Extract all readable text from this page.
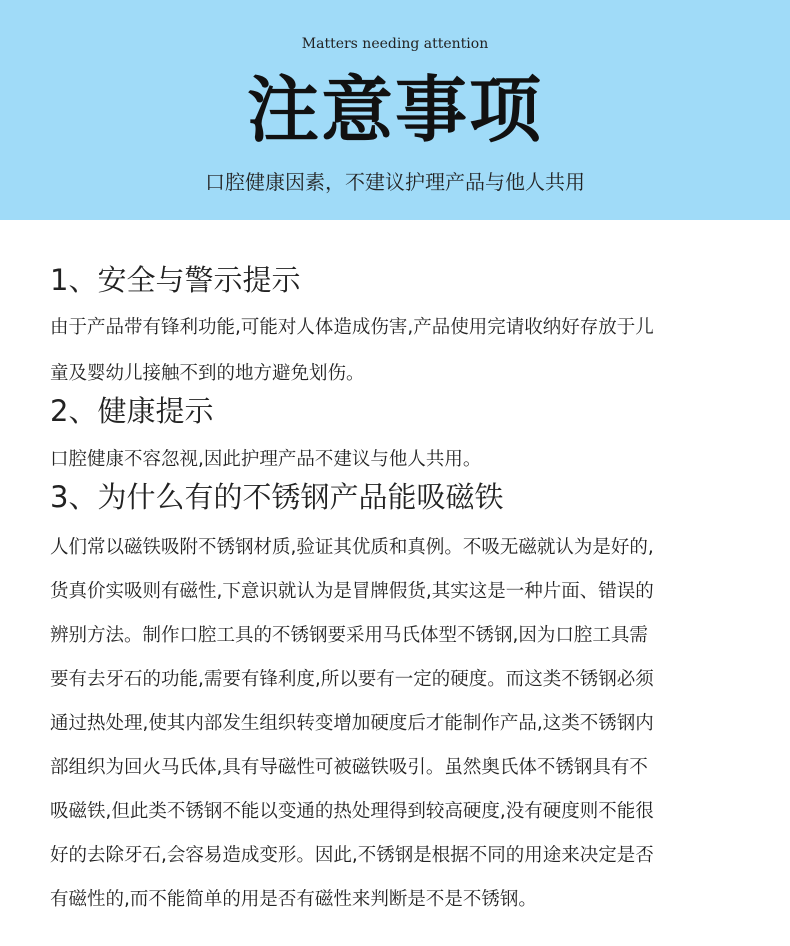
Matters needing attention
注意事项
口腔健康因素，不建议护理产品与他人共用
1、安全与警示提示
由于产品带有锋利功能,可能对人体造成伤害,产品使用完请收纳好存放于儿
童及婴幼儿接触不到的地方避免划伤。
2、健康提示
口腔健康不容忽视,因此护理产品不建议与他人共用。
3、为什么有的不锈钢产品能吸磁铁
人们常以磁铁吸附不锈钢材质,验证其优质和真例。不吸无磁就认为是好的,
货真价实吸则有磁性,下意识就认为是冒牌假货,其实这是一种片面、错误的
辨别方法。制作口腔工具的不锈钢要采用马氏体型不锈钢,因为口腔工具需
要有去牙石的功能,需要有锋利度,所以要有一定的硬度。而这类不锈钢必须
通过热处理,使其内部发生组织转变增加硬度后才能制作产品,这类不锈钢内
部组织为回火马氏体,具有导磁性可被磁铁吸引。虽然奥氏体不锈钢具有不
吸磁铁,但此类不锈钢不能以变通的热处理得到较高硬度,没有硬度则不能很
好的去除牙石,会容易造成变形。因此,不锈钢是根据不同的用途来决定是否
有磁性的,而不能简单的用是否有磁性来判断是不是不锈钢。
